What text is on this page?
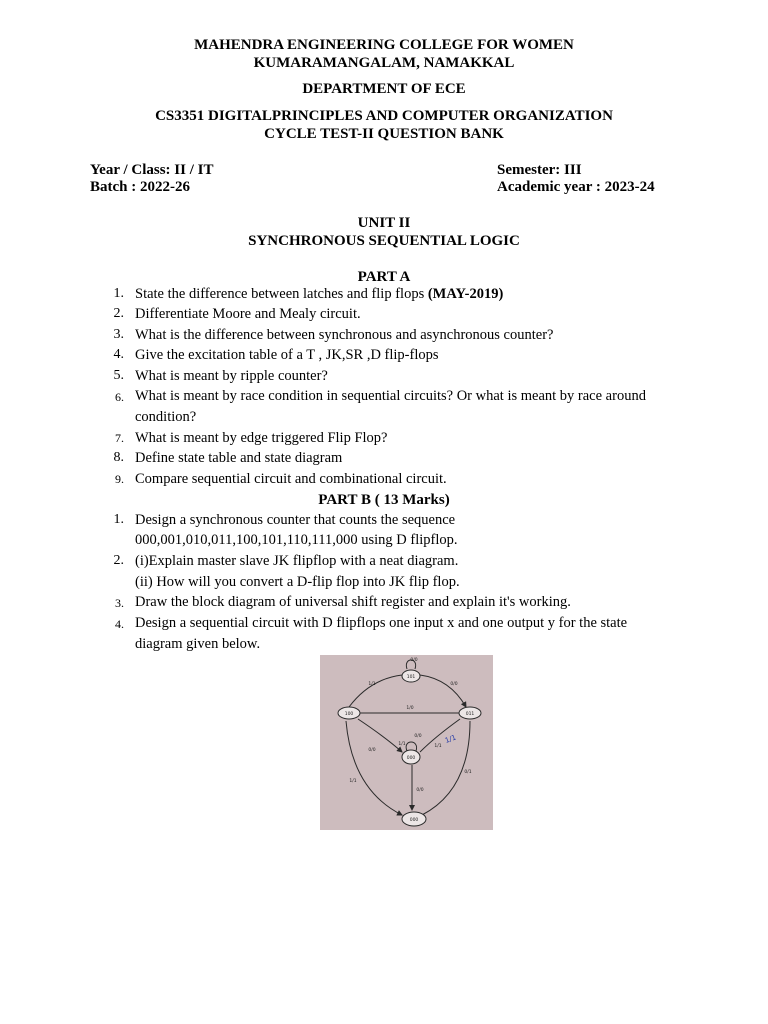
MAHENDRA ENGINEERING COLLEGE FOR WOMEN
KUMARAMANGALAM, NAMAKKAL
DEPARTMENT OF ECE
CS3351 DIGITALPRINCIPLES AND COMPUTER ORGANIZATION
CYCLE TEST-II QUESTION BANK
Year / Class: II / IT
Batch : 2022-26
Semester: III
Academic year : 2023-24
UNIT II
SYNCHRONOUS SEQUENTIAL LOGIC
PART A
1. State the difference between latches and flip flops (MAY-2019)
2. Differentiate Moore and Mealy circuit.
3. What is the difference between synchronous and asynchronous counter?
4. Give the excitation table of a T , JK,SR ,D flip-flops
5. What is meant by ripple counter?
6. What is meant by race condition in sequential circuits? Or what is meant by race around
condition?
7. What is meant by edge triggered Flip Flop?
8. Define state table and state diagram
9. Compare sequential circuit and combinational circuit.
PART B ( 13 Marks)
1. Design a synchronous counter that counts the sequence
000,001,010,011,100,101,110,111,000 using D flipflop.
2. (i)Explain master slave JK flipflop with a neat diagram.
(ii) How will you convert a D-flip flop into JK flip flop.
3. Draw the block diagram of universal shift register and explain it's working.
4. Design a sequential circuit with D flipflops one input x and one output y for the state
diagram given below.
101
100	011
000
000
0/0
1/1	0/0
1/0
0/0
0/0
1/1
0/0
0/1
1/1	1/1
1/1
